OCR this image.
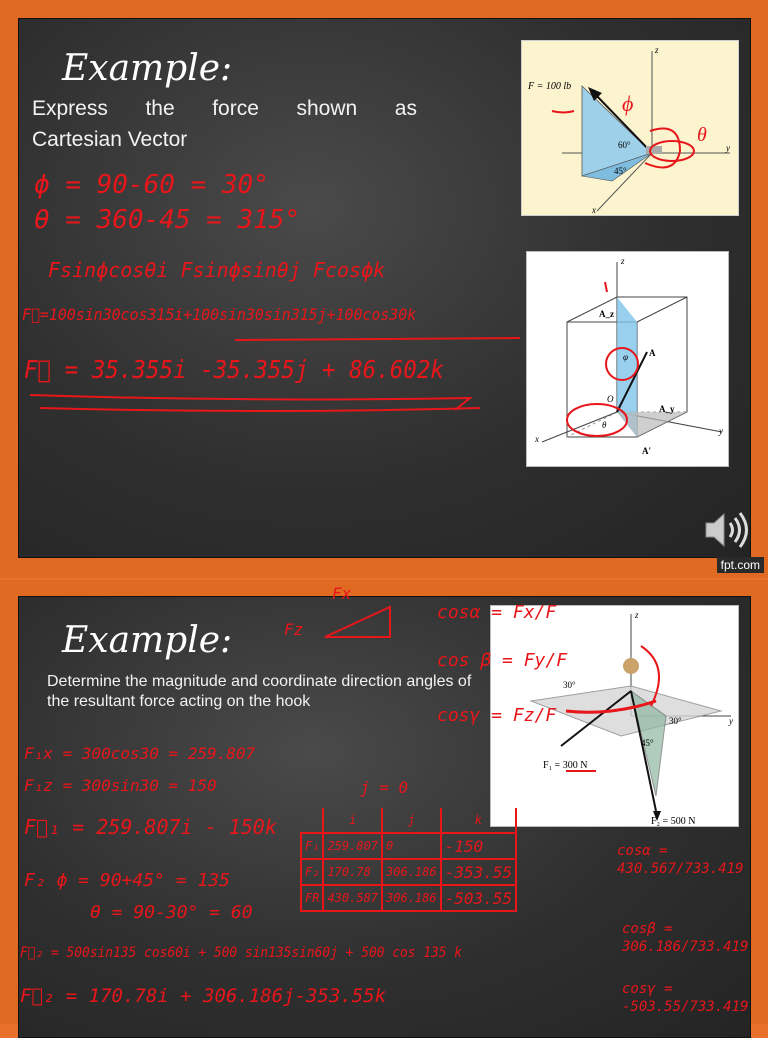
Example:
Express the force shown as
Cartesian Vector
F = 100 lb
60°
45°
z
y
x
ϕ
θ
z
A_z
A
A_y
A'
O
θ
φ
x
y
ϕ = 90-60 = 30°
θ = 360-45 = 315°
Fsinϕcosθi Fsinϕsinθj Fcosϕk
F⃗=100sin30cos315i+100sin30sin315j+100cos30k
F⃗ = 35.355i -35.355j + 86.602k
fpt.com
Example:
Determine the magnitude and coordinate direction angles of the resultant force acting on the hook
z
y
30°
30°
45°
F₁ = 300 N
F₂ = 500 N
Fx
Fz
cosα = Fx/F
cos β = Fy/F
cosγ = Fz/F
j = 0
F₁x = 300cos30 = 259.807
F₁z = 300sin30 = 150
F⃗₁ = 259.807i - 150k
F₂ ϕ = 90+45° = 135
θ = 90-30° = 60
F⃗₂ = 500sin135 cos60i + 500 sin135sin60j + 500 cos 135 k
F⃗₂ = 170.78i + 306.186j-353.55k
	i	j	k
F₁	259.807	0	-150
F₂	170.78	306.186	-353.55
FR	430.587	306.186	-503.55
cosα = 430.567/733.419
cosβ = 306.186/733.419
cosγ = -503.55/733.419
